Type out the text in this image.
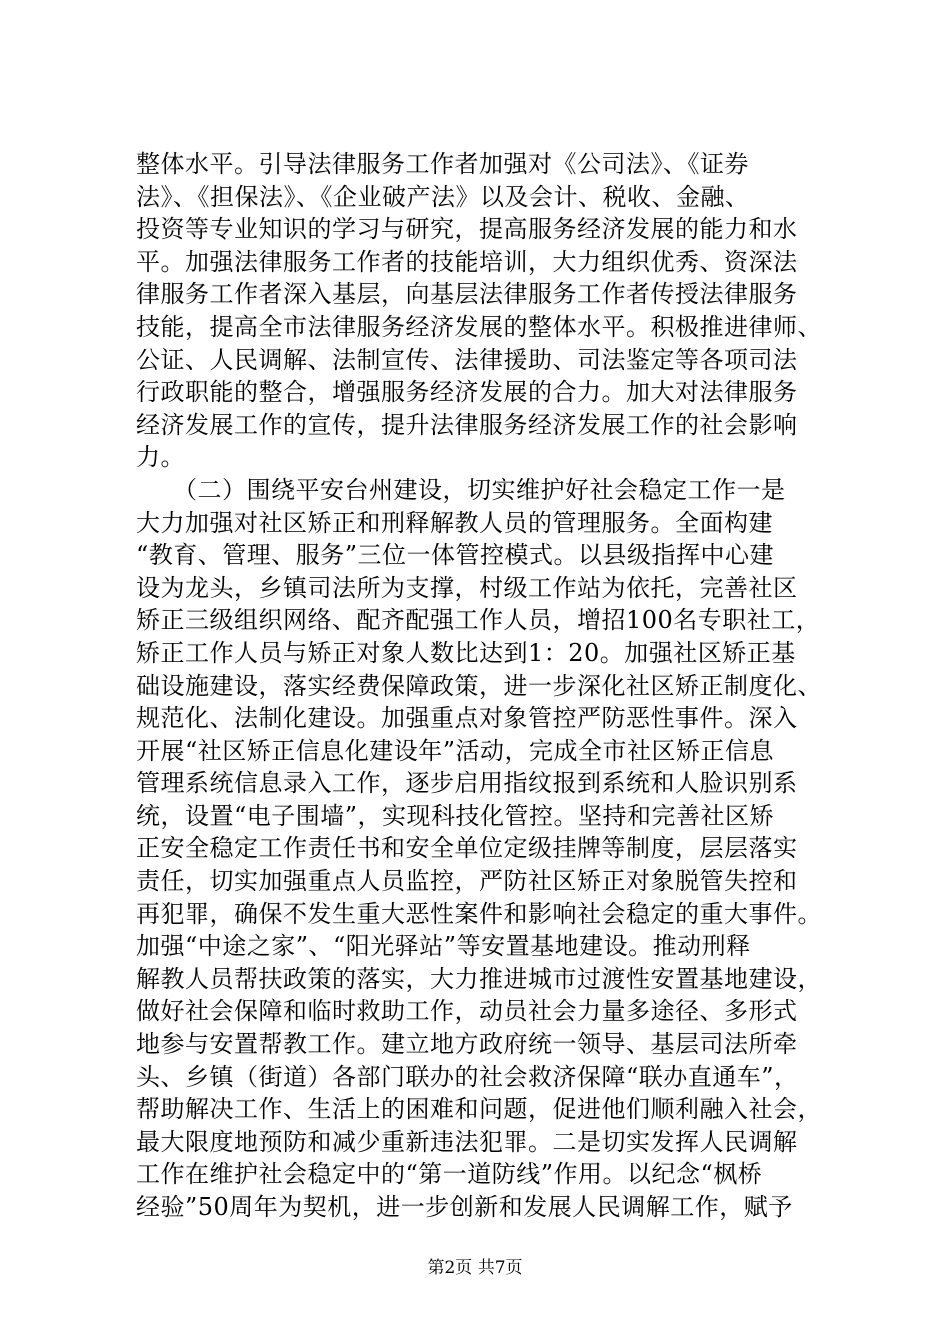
整体水平。引导法律服务工作者加强对《公司法》、《证券
法》、《担保法》、《企业破产法》以及会计、税收、金融、
投资等专业知识的学习与研究，提高服务经济发展的能力和水
平。加强法律服务工作者的技能培训，大力组织优秀、资深法
律服务工作者深入基层，向基层法律服务工作者传授法律服务
技能，提高全市法律服务经济发展的整体水平。积极推进律师、
公证、人民调解、法制宣传、法律援助、司法鉴定等各项司法
行政职能的整合，增强服务经济发展的合力。加大对法律服务
经济发展工作的宣传，提升法律服务经济发展工作的社会影响
力。
　　（二）围绕平安台州建设，切实维护好社会稳定工作一是
大力加强对社区矫正和刑释解教人员的管理服务。全面构建
“教育、管理、服务”三位一体管控模式。以县级指挥中心建
设为龙头，乡镇司法所为支撑，村级工作站为依托，完善社区
矫正三级组织网络、配齐配强工作人员，增招100名专职社工，
矫正工作人员与矫正对象人数比达到1：20。加强社区矫正基
础设施建设，落实经费保障政策，进一步深化社区矫正制度化、
规范化、法制化建设。加强重点对象管控严防恶性事件。深入
开展“社区矫正信息化建设年”活动，完成全市社区矫正信息
管理系统信息录入工作，逐步启用指纹报到系统和人脸识别系
统，设置“电子围墙”，实现科技化管控。坚持和完善社区矫
正安全稳定工作责任书和安全单位定级挂牌等制度，层层落实
责任，切实加强重点人员监控，严防社区矫正对象脱管失控和
再犯罪，确保不发生重大恶性案件和影响社会稳定的重大事件。
加强“中途之家”、“阳光驿站”等安置基地建设。推动刑释
解教人员帮扶政策的落实，大力推进城市过渡性安置基地建设，
做好社会保障和临时救助工作，动员社会力量多途径、多形式
地参与安置帮教工作。建立地方政府统一领导、基层司法所牵
头、乡镇（街道）各部门联办的社会救济保障“联办直通车”，
帮助解决工作、生活上的困难和问题，促进他们顺利融入社会，
最大限度地预防和减少重新违法犯罪。二是切实发挥人民调解
工作在维护社会稳定中的“第一道防线”作用。以纪念“枫桥
经验”50周年为契机，进一步创新和发展人民调解工作，赋予
第2页 共7页
